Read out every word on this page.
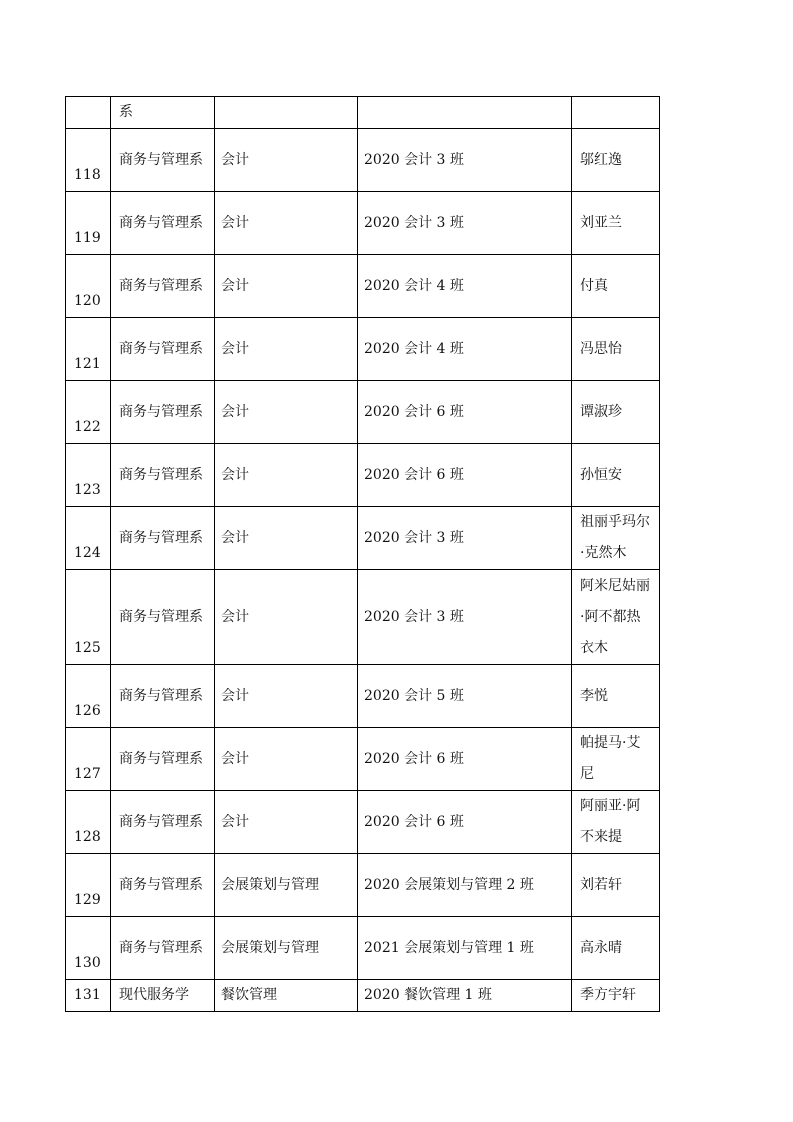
	系			
118	商务与管理系	会计	2020 会计 3 班	邬红逸
119	商务与管理系	会计	2020 会计 3 班	刘亚兰
120	商务与管理系	会计	2020 会计 4 班	付真
121	商务与管理系	会计	2020 会计 4 班	冯思怡
122	商务与管理系	会计	2020 会计 6 班	谭淑珍
123	商务与管理系	会计	2020 会计 6 班	孙恒安
124	商务与管理系	会计	2020 会计 3 班	祖丽乎玛尔·克然木
125	商务与管理系	会计	2020 会计 3 班	阿米尼姑丽·阿不都热衣木
126	商务与管理系	会计	2020 会计 5 班	李悦
127	商务与管理系	会计	2020 会计 6 班	帕提马·艾尼
128	商务与管理系	会计	2020 会计 6 班	阿丽亚·阿不来提
129	商务与管理系	会展策划与管理	2020 会展策划与管理 2 班	刘若轩
130	商务与管理系	会展策划与管理	2021 会展策划与管理 1 班	高永晴
131	现代服务学	餐饮管理	2020 餐饮管理 1 班	季方宇轩
